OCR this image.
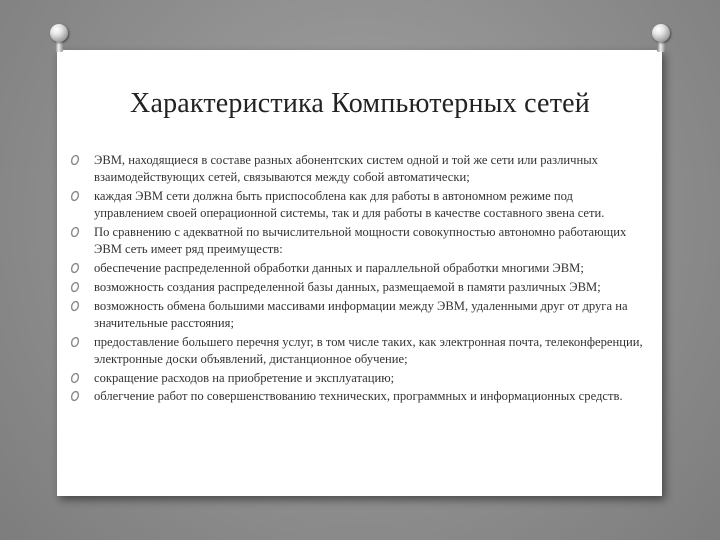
Характеристика Компьютерных сетей
ЭВМ, находящиеся в составе разных абонентских систем одной и той же сети или различных взаимодействующих сетей, связываются между собой автоматически;
каждая ЭВМ сети должна быть приспособлена как для работы в автономном режиме под управлением своей операционной системы, так и для работы в качестве составного звена сети.
По сравнению с адекватной по вычислительной мощности совокупностью автономно работающих ЭВМ сеть имеет ряд преимуществ:
обеспечение распределенной обработки данных и параллельной обработки многими ЭВМ;
возможность создания распределенной базы данных, размещаемой в памяти различных ЭВМ;
возможность обмена большими массивами информации между ЭВМ, удаленными друг от друга на значительные расстояния;
предоставление большего перечня услуг, в том числе таких, как электронная почта, телеконференции, электронные доски объявлений, дистанционное обучение;
сокращение расходов на приобретение и эксплуатацию;
облегчение работ по совершенствованию технических, программных и информационных средств.
